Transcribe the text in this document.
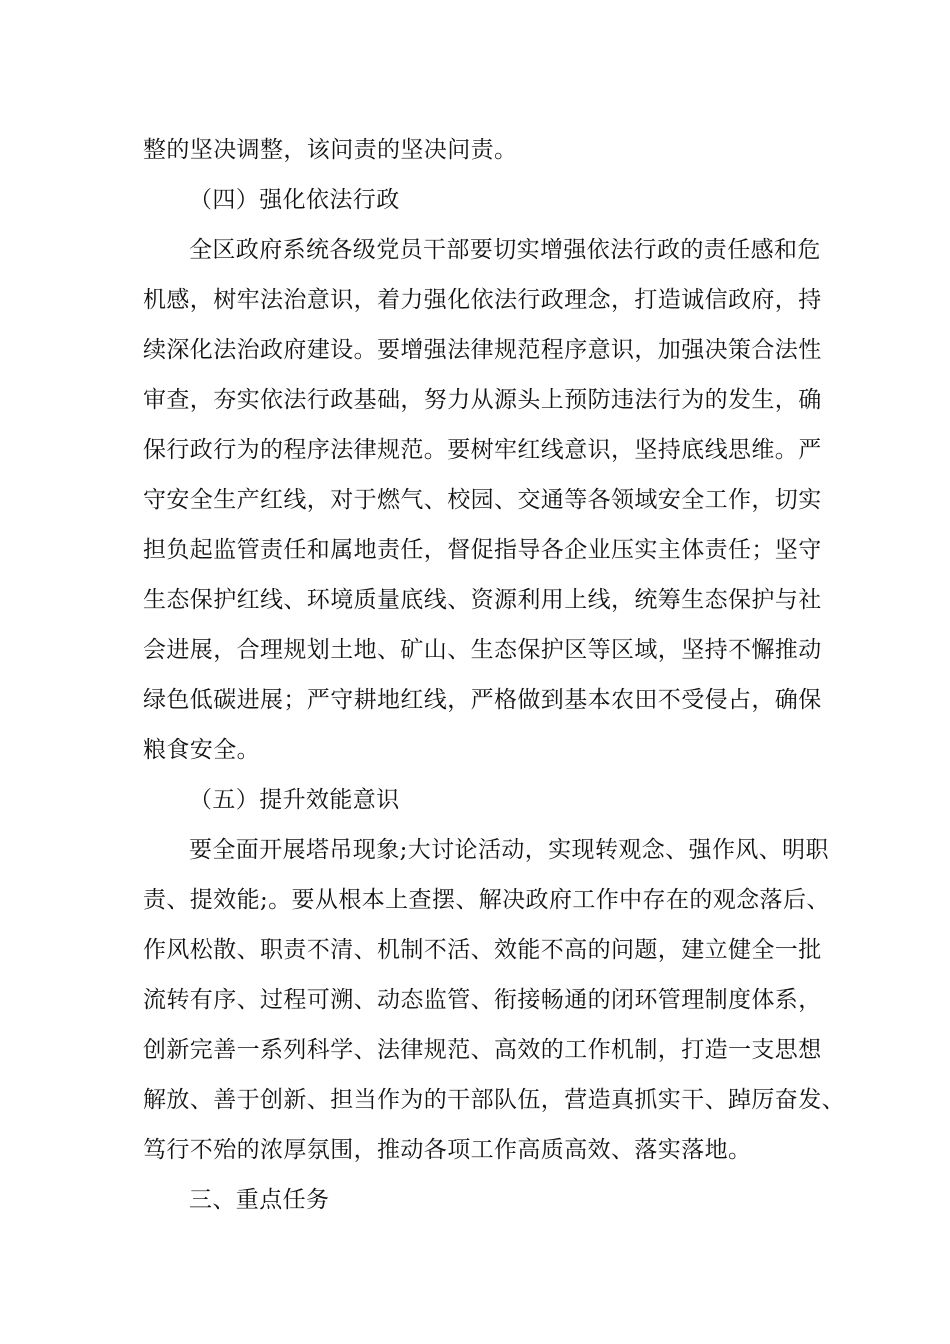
整的坚决调整，该问责的坚决问责。
（四）强化依法行政
全区政府系统各级党员干部要切实增强依法行政的责任感和危
机感，树牢法治意识，着力强化依法行政理念，打造诚信政府，持
续深化法治政府建设。要增强法律规范程序意识，加强决策合法性
审查，夯实依法行政基础，努力从源头上预防违法行为的发生，确
保行政行为的程序法律规范。要树牢红线意识，坚持底线思维。严
守安全生产红线，对于燃气、校园、交通等各领域安全工作，切实
担负起监管责任和属地责任，督促指导各企业压实主体责任；坚守
生态保护红线、环境质量底线、资源利用上线，统筹生态保护与社
会进展，合理规划土地、矿山、生态保护区等区域，坚持不懈推动
绿色低碳进展；严守耕地红线，严格做到基本农田不受侵占，确保
粮食安全。
（五）提升效能意识
要全面开展塔吊现象;大讨论活动，实现转观念、强作风、明职
责、提效能;。要从根本上查摆、解决政府工作中存在的观念落后、
作风松散、职责不清、机制不活、效能不高的问题，建立健全一批
流转有序、过程可溯、动态监管、衔接畅通的闭环管理制度体系，
创新完善一系列科学、法律规范、高效的工作机制，打造一支思想
解放、善于创新、担当作为的干部队伍，营造真抓实干、踔厉奋发、
笃行不殆的浓厚氛围，推动各项工作高质高效、落实落地。
三、重点任务
